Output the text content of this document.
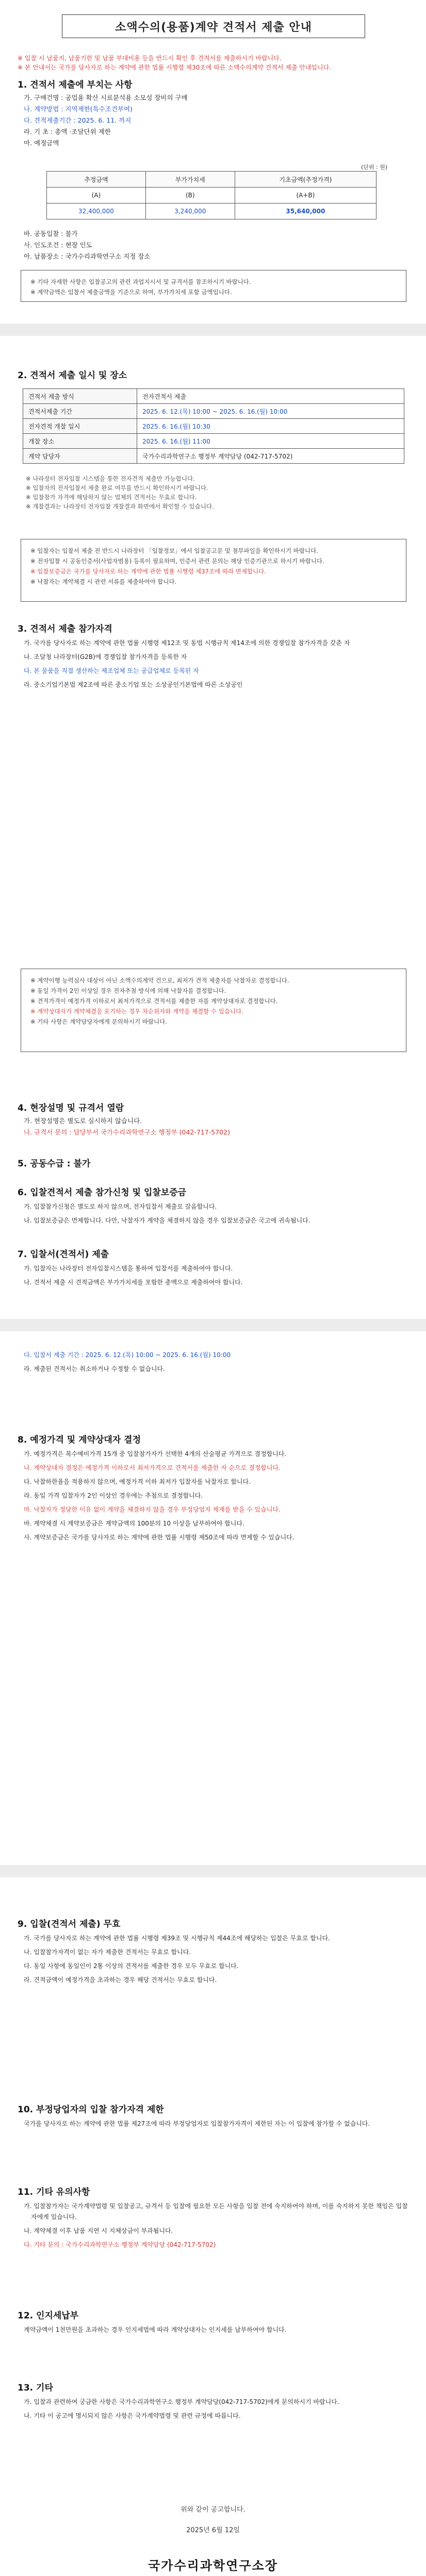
소액수의(용품)계약 견적서 제출 안내
※ 입찰 시 납품지, 납품기한 및 납품 부대비용 등을 반드시 확인 후 견적서를 제출하시기 바랍니다.
※ 본 안내서는 국가를 당사자로 하는 계약에 관한 법률 시행령 제30조에 따른 소액수의계약 견적서 제출 안내입니다.
1. 견적서 제출에 부치는 사항
가. 구매건명 : 공업용 확산 시료분석용 소모성 장비의 구매
나. 계약방법 : 지역제한(특수조건부여)
다. 견적제출기간 : 2025. 6. 11. 까지
라. 기 초 : 총액 ·조달단위 제한
마. 예정금액
(단위 : 원)
추정금액	부가가치세	기초금액(추정가격)
(A)	(B)	(A+B)
32,400,000	3,240,000	35,640,000
바. 공동입찰 : 불가
사. 인도조건 : 현장 인도
아. 납품장소 : 국가수리과학연구소 지정 장소
※ 기타 자세한 사항은 입찰공고의 관련 과업지시서 및 규격서를 참조하시기 바랍니다.
※ 계약금액은 입찰서 제출금액을 기준으로 하며, 부가가치세 포함 금액입니다.
2. 견적서 제출 일시 및 장소
견적서 제출 방식	전자견적서 제출
견적서제출 기간	2025. 6. 12.(목) 10:00 ~ 2025. 6. 16.(월) 10:00
전자견적 개찰 일시	2025. 6. 16.(월) 10:30
개찰 장소	2025. 6. 16.(월) 11:00
계약 담당자	국가수리과학연구소 행정부 계약담당 (042-717-5702)
※ 나라장터 전자입찰 시스템을 통한 전자견적 제출만 가능합니다.
※ 입찰자의 전자입찰서 제출 완료 여부를 반드시 확인하시기 바랍니다.
※ 입찰참가 자격에 해당하지 않는 업체의 견적서는 무효로 합니다.
※ 개찰결과는 나라장터 전자입찰 개찰결과 화면에서 확인할 수 있습니다.
※ 입찰자는 입찰서 제출 전 반드시 나라장터 「입찰정보」에서 입찰공고문 및 첨부파일을 확인하시기 바랍니다.
※ 전자입찰 시 공동인증서(사업자범용) 등록이 필요하며, 인증서 관련 문의는 해당 인증기관으로 하시기 바랍니다.
※ 입찰보증금은 국가를 당사자로 하는 계약에 관한 법률 시행령 제37조에 따라 면제합니다.
※ 낙찰자는 계약체결 시 관련 서류를 제출하여야 합니다.
3. 견적서 제출 참가자격

가. 국가를 당사자로 하는 계약에 관한 법률 시행령 제12조 및 동법 시행규칙 제14조에 의한 경쟁입찰 참가자격을 갖춘 자

나. 조달청 나라장터(G2B)에 경쟁입찰 참가자격을 등록한 자

다. 본 물품을 직접 생산하는 제조업체 또는 공급업체로 등록된 자

라. 중소기업기본법 제2조에 따른 중소기업 또는 소상공인기본법에 따른 소상공인

※ 계약이행 능력심사 대상이 아닌 소액수의계약 건으로, 최저가 견적 제출자를 낙찰자로 결정합니다.
※ 동일 가격이 2인 이상일 경우 전자추첨 방식에 의해 낙찰자를 결정합니다.
※ 견적가격이 예정가격 이하로서 최저가격으로 견적서를 제출한 자를 계약상대자로 결정합니다.
※ 계약상대자가 계약체결을 포기하는 경우 차순위자와 계약을 체결할 수 있습니다.
※ 기타 사항은 계약담당자에게 문의하시기 바랍니다.
4. 현장설명 및 규격서 열람
가. 현장설명은 별도로 실시하지 않습니다.
나. 규격서 문의 : 담당부서 국가수리과학연구소 행정부 (042-717-5702)
5. 공동수급 : 불가
6. 입찰견적서 제출 참가신청 및 입찰보증금

가. 입찰참가신청은 별도로 하지 않으며, 전자입찰서 제출로 갈음합니다.

나. 입찰보증금은 면제합니다. 다만, 낙찰자가 계약을 체결하지 않을 경우 입찰보증금은 국고에 귀속됩니다.

7. 입찰서(견적서) 제출

가. 입찰자는 나라장터 전자입찰시스템을 통하여 입찰서를 제출하여야 합니다.

나. 견적서 제출 시 견적금액은 부가가치세를 포함한 총액으로 제출하여야 합니다.

다. 입찰서 제출 기간 : 2025. 6. 12.(목) 10:00 ~ 2025. 6. 16.(월) 10:00

라. 제출된 견적서는 취소하거나 수정할 수 없습니다.

8. 예정가격 및 계약상대자 결정

가. 예정가격은 복수예비가격 15개 중 입찰참가자가 선택한 4개의 산술평균 가격으로 결정합니다.

나. 계약상대자 결정은 예정가격 이하로서 최저가격으로 견적서를 제출한 자 순으로 결정합니다.

다. 낙찰하한율을 적용하지 않으며, 예정가격 이하 최저가 입찰자를 낙찰자로 합니다.

라. 동일 가격 입찰자가 2인 이상인 경우에는 추첨으로 결정합니다.

마. 낙찰자가 정당한 이유 없이 계약을 체결하지 않을 경우 부정당업자 제재를 받을 수 있습니다.

바. 계약체결 시 계약보증금은 계약금액의 100분의 10 이상을 납부하여야 합니다.

사. 계약보증금은 국가를 당사자로 하는 계약에 관한 법률 시행령 제50조에 따라 면제할 수 있습니다.

9. 입찰(견적서 제출) 무효

가. 국가를 당사자로 하는 계약에 관한 법률 시행령 제39조 및 시행규칙 제44조에 해당하는 입찰은 무효로 합니다.

나. 입찰참가자격이 없는 자가 제출한 견적서는 무효로 합니다.

다. 동일 사항에 동일인이 2통 이상의 견적서를 제출한 경우 모두 무효로 합니다.

라. 견적금액이 예정가격을 초과하는 경우 해당 견적서는 무효로 합니다.

10. 부정당업자의 입찰 참가자격 제한

국가를 당사자로 하는 계약에 관한 법률 제27조에 따라 부정당업자로 입찰참가자격이 제한된 자는 이 입찰에 참가할 수 없습니다.

11. 기타 유의사항

가. 입찰참가자는 국가계약법령 및 입찰공고, 규격서 등 입찰에 필요한 모든 사항을 입찰 전에 숙지하여야 하며, 이를 숙지하지 못한 책임은 입찰자에게 있습니다.

나. 계약체결 이후 납품 지연 시 지체상금이 부과됩니다.

다. 기타 문의 : 국가수리과학연구소 행정부 계약담당 (042-717-5702)

12. 인지세납부

계약금액이 1천만원을 초과하는 경우 인지세법에 따라 계약상대자는 인지세를 납부하여야 합니다.

13. 기타

가. 입찰과 관련하여 궁금한 사항은 국가수리과학연구소 행정부 계약담당(042-717-5702)에게 문의하시기 바랍니다.

나. 기타 이 공고에 명시되지 않은 사항은 국가계약법령 및 관련 규정에 따릅니다.

위와 같이 공고합니다.
2025년 6월 12일
국가수리과학연구소장
